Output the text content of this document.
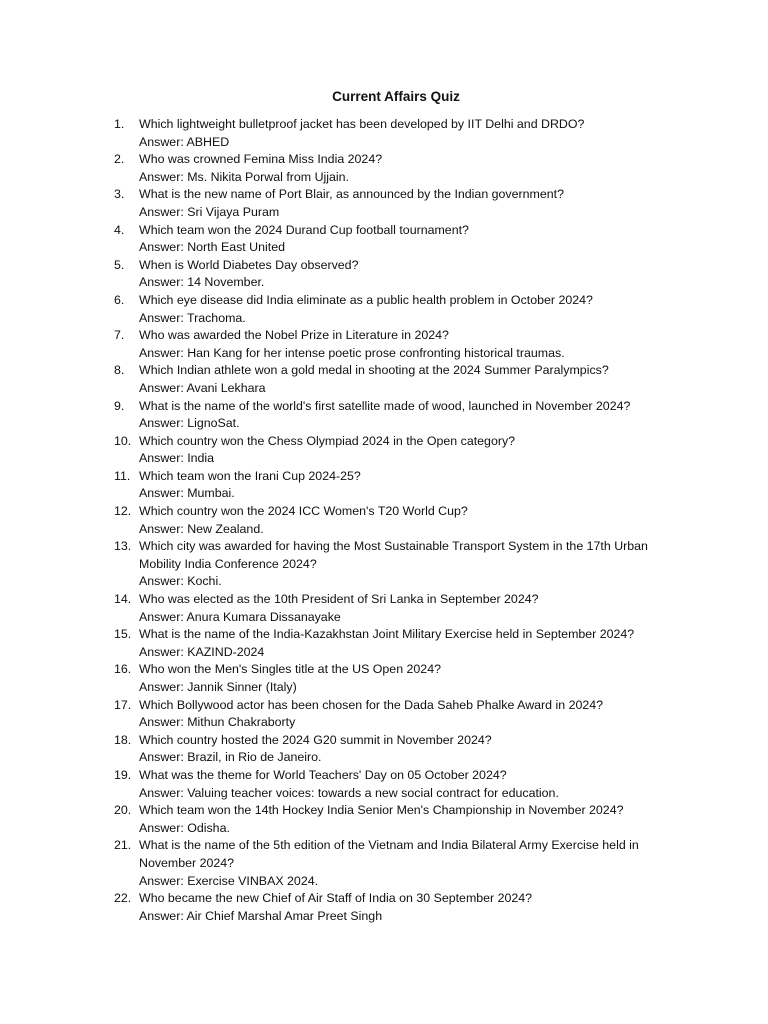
Current Affairs Quiz
1.	Which lightweight bulletproof jacket has been developed by IIT Delhi and DRDO?
Answer: ABHED
2.	Who was crowned Femina Miss India 2024?
Answer: Ms. Nikita Porwal from Ujjain.
3.	What is the new name of Port Blair, as announced by the Indian government?
Answer: Sri Vijaya Puram
4.	Which team won the 2024 Durand Cup football tournament?
Answer: North East United
5.	When is World Diabetes Day observed?
Answer: 14 November.
6.	Which eye disease did India eliminate as a public health problem in October 2024?
Answer: Trachoma.
7.	Who was awarded the Nobel Prize in Literature in 2024?
Answer: Han Kang for her intense poetic prose confronting historical traumas.
8.	Which Indian athlete won a gold medal in shooting at the 2024 Summer Paralympics?
Answer: Avani Lekhara
9.	What is the name of the world's first satellite made of wood, launched in November 2024?
Answer: LignoSat.
10. Which country won the Chess Olympiad 2024 in the Open category?
Answer: India
11. Which team won the Irani Cup 2024-25?
Answer: Mumbai.
12. Which country won the 2024 ICC Women's T20 World Cup?
Answer: New Zealand.
13. Which city was awarded for having the Most Sustainable Transport System in the 17th Urban Mobility India Conference 2024?
Answer: Kochi.
14. Who was elected as the 10th President of Sri Lanka in September 2024?
Answer: Anura Kumara Dissanayake
15. What is the name of the India-Kazakhstan Joint Military Exercise held in September 2024?
Answer: KAZIND-2024
16. Who won the Men's Singles title at the US Open 2024?
Answer: Jannik Sinner (Italy)
17. Which Bollywood actor has been chosen for the Dada Saheb Phalke Award in 2024?
Answer: Mithun Chakraborty
18. Which country hosted the 2024 G20 summit in November 2024?
Answer: Brazil, in Rio de Janeiro.
19. What was the theme for World Teachers' Day on 05 October 2024?
Answer: Valuing teacher voices: towards a new social contract for education.
20. Which team won the 14th Hockey India Senior Men's Championship in November 2024?
Answer: Odisha.
21. What is the name of the 5th edition of the Vietnam and India Bilateral Army Exercise held in November 2024?
Answer: Exercise VINBAX 2024.
22. Who became the new Chief of Air Staff of India on 30 September 2024?
Answer: Air Chief Marshal Amar Preet Singh
